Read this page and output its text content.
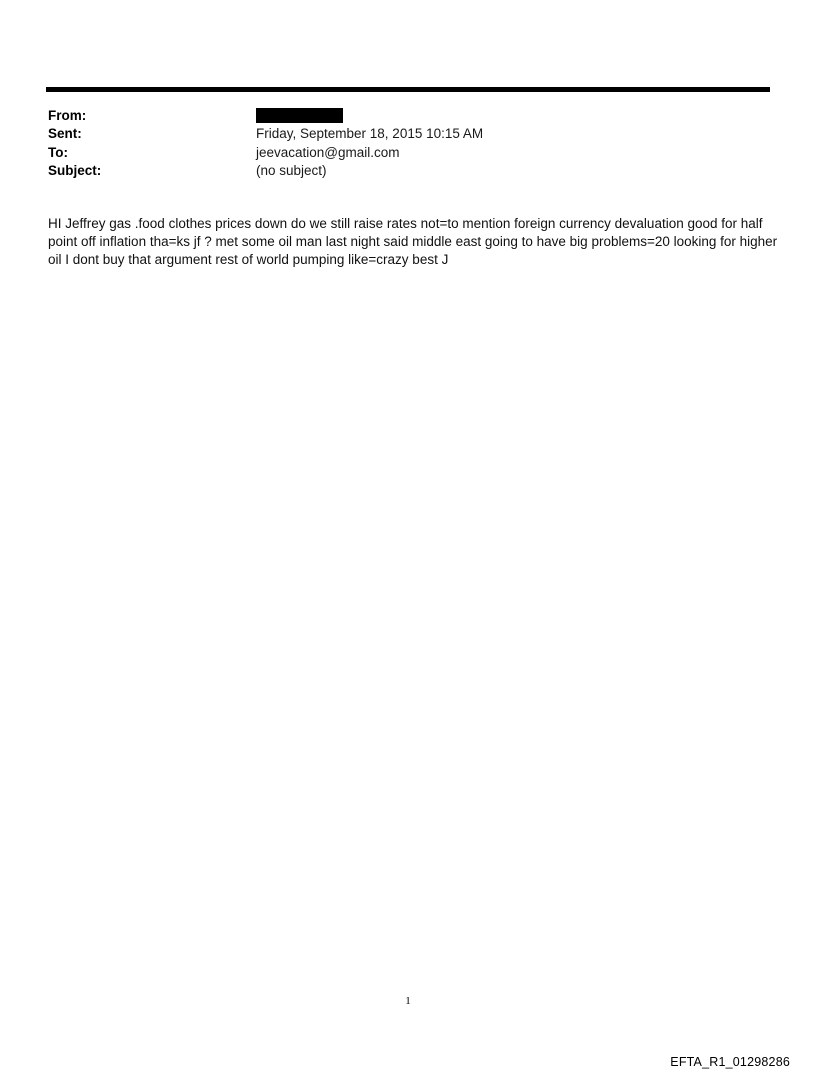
From:
Sent:	Friday, September 18, 2015 10:15 AM
To:	jeevacation@gmail.com
Subject:	(no subject)
HI Jeffrey gas .food clothes prices down do we still raise rates not=to mention foreign currency devaluation good for half point off inflation tha=ks jf ? met some oil man last night said middle east going to have big problems=20 looking for higher oil I dont buy that argument rest of world pumping like=crazy best J
1
EFTA_R1_01298286
